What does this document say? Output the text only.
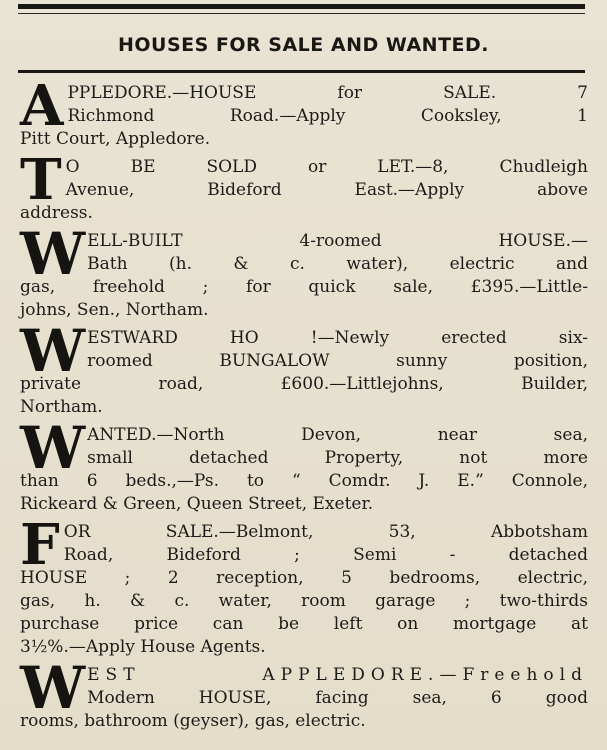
HOUSES FOR SALE AND WANTED.
A PPLEDORE.—HOUSE for SALE. 7
Richmond Road.—Apply Cooksley, 1
Pitt Court, Appledore.
T O BE SOLD or LET.—8, Chudleigh
Avenue, Bideford East.—Apply above
address.
W ELL-BUILT 4-roomed HOUSE.—
Bath (h. & c. water), electric and
gas, freehold ; for quick sale, £395.—Little-
johns, Sen., Northam.
W ESTWARD HO !—Newly erected six-
roomed BUNGALOW sunny position,
private road, £600.—Littlejohns, Builder,
Northam.
W ANTED.—North Devon, near sea,
small detached Property, not more
than 6 beds.,—Ps. to “ Comdr. J. E.” Connole,
Rickeard & Green, Queen Street, Exeter.
F OR SALE.—Belmont, 53, Abbotsham
Road, Bideford ; Semi - detached
HOUSE ; 2 reception, 5 bedrooms, electric,
gas, h. & c. water, room garage ; two-thirds
purchase price can be left on mortgage at
3½%.—Apply House Agents.
W EST APPLEDORE.—Freehold
Modern HOUSE, facing sea, 6 good
rooms, bathroom (geyser), gas, electric.
